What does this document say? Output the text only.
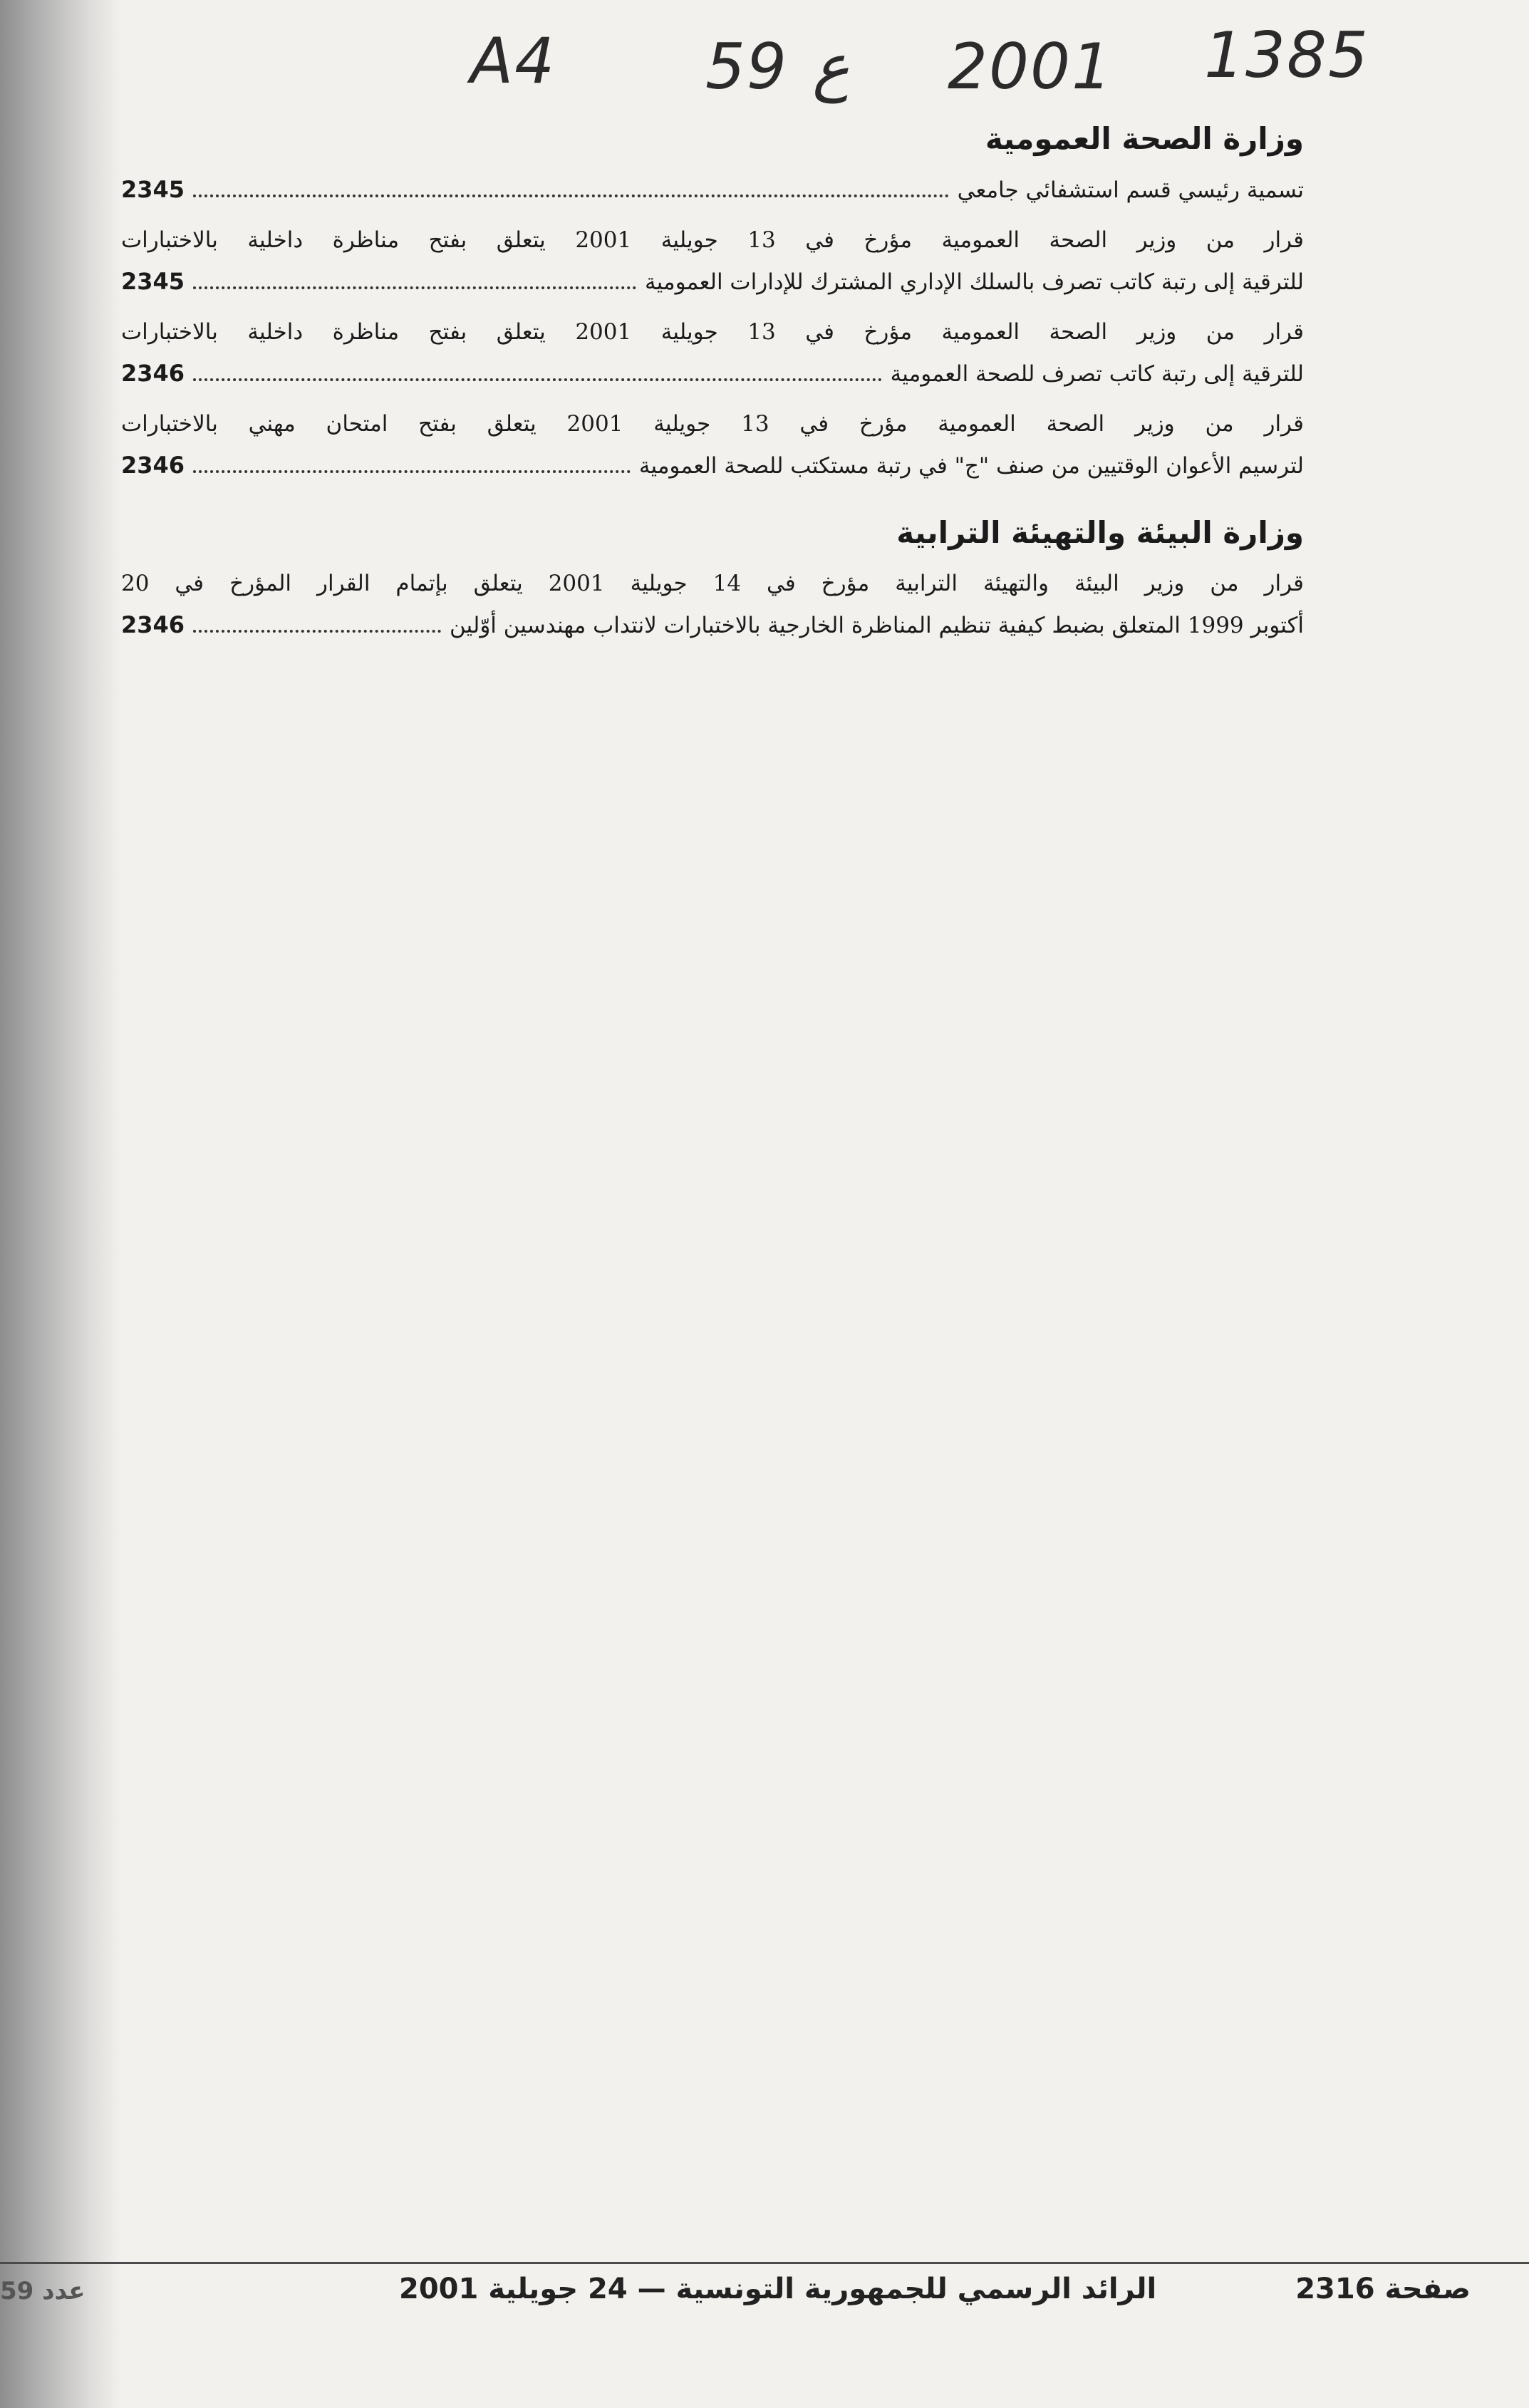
A4 59 ع 2001 1385
وزارة الصحة العمومية
تسمية رئيسي قسم استشفائي جامعي
2345
قرار من وزير الصحة العمومية مؤرخ في 13 جويلية 2001 يتعلق بفتح مناظرة داخلية بالاختبارات
للترقية إلى رتبة كاتب تصرف بالسلك الإداري المشترك للإدارات العمومية
2345
قرار من وزير الصحة العمومية مؤرخ في 13 جويلية 2001 يتعلق بفتح مناظرة داخلية بالاختبارات
للترقية إلى رتبة كاتب تصرف للصحة العمومية
2346
قرار من وزير الصحة العمومية مؤرخ في 13 جويلية 2001 يتعلق بفتح امتحان مهني بالاختبارات
لترسيم الأعوان الوقتيين من صنف "ج" في رتبة مستكتب للصحة العمومية
2346
وزارة البيئة والتهيئة الترابية
قرار من وزير البيئة والتهيئة الترابية مؤرخ في 14 جويلية 2001 يتعلق بإتمام القرار المؤرخ في 20
أكتوبر 1999 المتعلق بضبط كيفية تنظيم المناظرة الخارجية بالاختبارات لانتداب مهندسين أوّلين
2346
صفحة 2316
الرائد الرسمي للجمهورية التونسية — 24 جويلية 2001
عدد 59
